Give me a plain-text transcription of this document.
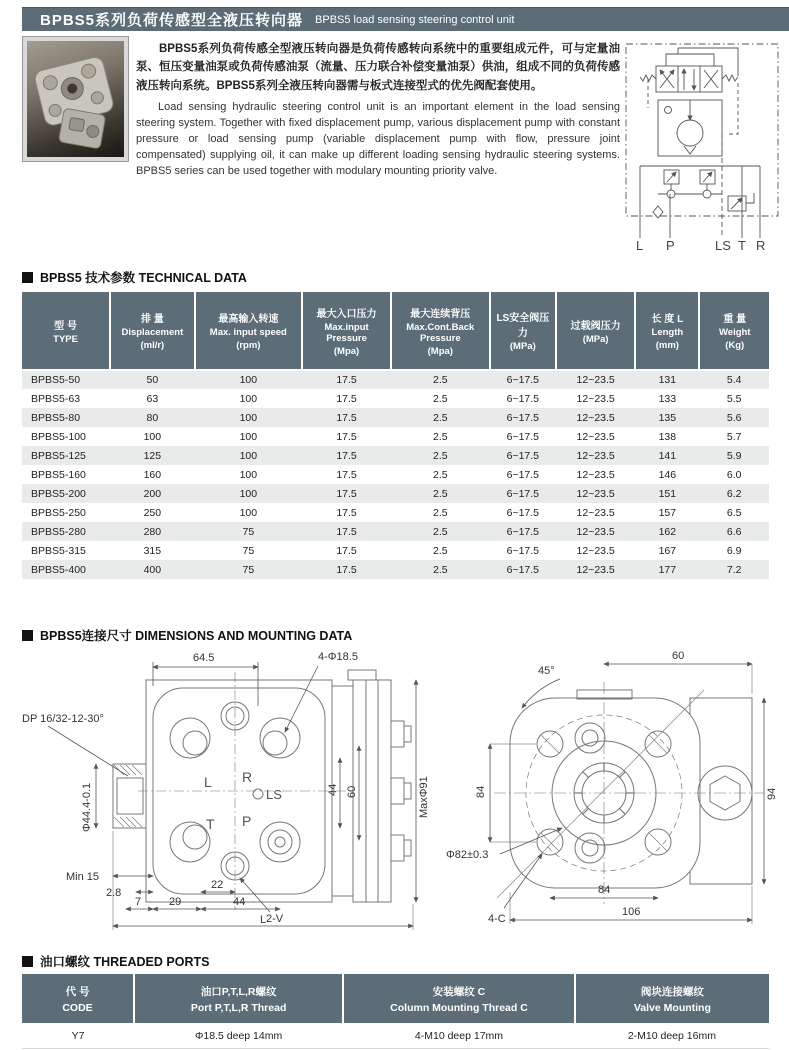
BPBS5系列负荷传感型全液压转向器 BPBS5 load sensing steering control unit

BPBS5系列负荷传感全型液压转向器是负荷传感转向系统中的重要组成元件，可与定量油泵、恒压变量油泵或负荷传感油泵（流量、压力联合补偿变量油泵）供油，组成不同的负荷传感液压转向系统。BPBS5系列全液压转向器需与板式连接型式的优先阀配套使用。

Load sensing hydraulic steering control unit is an important element in the load sensing steering system. Together with fixed displacement pump, various displacement pump with constant pressure or load sensing pump (variable displacement pump with flow, pressure joint compensated) supplying oil, it can make up different loading sensing hydraulic steering systems. BPBS5 series can be used together with modulary mounting priority valve.

L P	LS T R
BPBS5 技术参数 TECHNICAL DATA
型 号
TYPE

排 量
Displacement
(ml/r)

最高输入转速
Max. input speed
(rpm)

最大入口压力
Max.input Pressure
(Mpa)

最大连续背压
Max.Cont.Back Pressure
(Mpa)

LS安全阀压力
(MPa)

过载阀压力
(MPa)

长 度 L
Length
(mm)

重 量
Weight
(Kg)

BPBS5-50	50	100	17.5	2.5	6~17.5	12~23.5	131	5.4
BPBS5-63	63	100	17.5	2.5	6~17.5	12~23.5	133	5.5
BPBS5-80	80	100	17.5	2.5	6~17.5	12~23.5	135	5.6
BPBS5-100	100	100	17.5	2.5	6~17.5	12~23.5	138	5.7
BPBS5-125	125	100	17.5	2.5	6~17.5	12~23.5	141	5.9
BPBS5-160	160	100	17.5	2.5	6~17.5	12~23.5	146	6.0
BPBS5-200	200	100	17.5	2.5	6~17.5	12~23.5	151	6.2
BPBS5-250	250	100	17.5	2.5	6~17.5	12~23.5	157	6.5
BPBS5-280	280	75	17.5	2.5	6~17.5	12~23.5	162	6.6
BPBS5-315	315	75	17.5	2.5	6~17.5	12~23.5	167	6.9
BPBS5-400	400	75	17.5	2.5	6~17.5	12~23.5	177	7.2
BPBS5连接尺寸 DIMENSIONS AND MOUNTING DATA
64.5	4-Φ18.5
DP 16/32-12-30°
Φ44.4-0.1
Min 15
2.8
22
7	29	44
2-V
L
44 60	MaxΦ91
L R
T P
LS
60
45°
84
Φ82±0.3
4-C
84
106
94
油口螺纹 THREADED PORTS
代 号
CODE

油口P,T,L,R螺纹
Port P,T,L,R Thread

安装螺纹 C
Column Mounting Thread C

阀块连接螺纹
Valve Mounting

Y7	Φ18.5 deep 14mm	4-M10 deep 17mm	2-M10 deep 16mm
